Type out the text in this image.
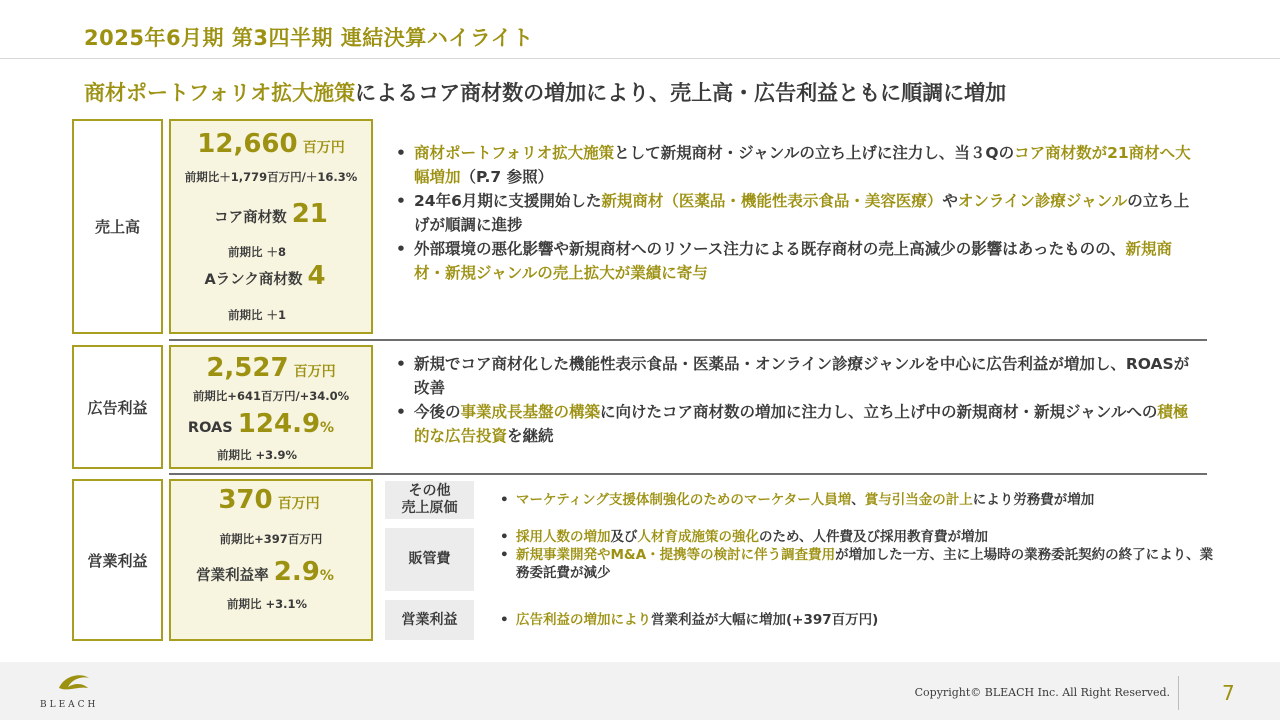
2025年6月期 第3四半期 連結決算ハイライト
商材ポートフォリオ拡大施策によるコア商材数の増加により、売上高・広告利益ともに順調に増加
売上高
12,660 百万円
前期比＋1,779百万円/＋16.3%
コア商材数 21
前期比 ＋8
Aランク商材数 4
前期比 ＋1
• 商材ポートフォリオ拡大施策として新規商材・ジャンルの立ち上げに注力し、当３Qのコア商材数が21商材へ大幅増加（P.7 参照）
• 24年6月期に支援開始した新規商材（医薬品・機能性表示食品・美容医療）やオンライン診療ジャンルの立ち上げが順調に進捗
• 外部環境の悪化影響や新規商材へのリソース注力による既存商材の売上高減少の影響はあったものの、新規商材・新規ジャンルの売上拡大が業績に寄与
広告利益
2,527 百万円
前期比+641百万円/+34.0%
ROAS 124.9%
前期比 +3.9%
• 新規でコア商材化した機能性表示食品・医薬品・オンライン診療ジャンルを中心に広告利益が増加し、ROASが改善
• 今後の事業成長基盤の構築に向けたコア商材数の増加に注力し、立ち上げ中の新規商材・新規ジャンルへの積極的な広告投資を継続
営業利益
370 百万円
前期比+397百万円
営業利益率 2.9%
前期比 +3.1%
その他
売上原価	• マーケティング支援体制強化のためのマーケター人員増、賞与引当金の計上により労務費が増加
販管費
• 採用人数の増加及び人材育成施策の強化のため、人件費及び採用教育費が増加
• 新規事業開発やM&A・提携等の検討に伴う調査費用が増加した一方、主に上場時の業務委託契約の終了により、業務委託費が減少
営業利益	• 広告利益の増加により営業利益が大幅に増加(+397百万円)
BLEACH
Copyright© BLEACH Inc. All Right Reserved.	7
